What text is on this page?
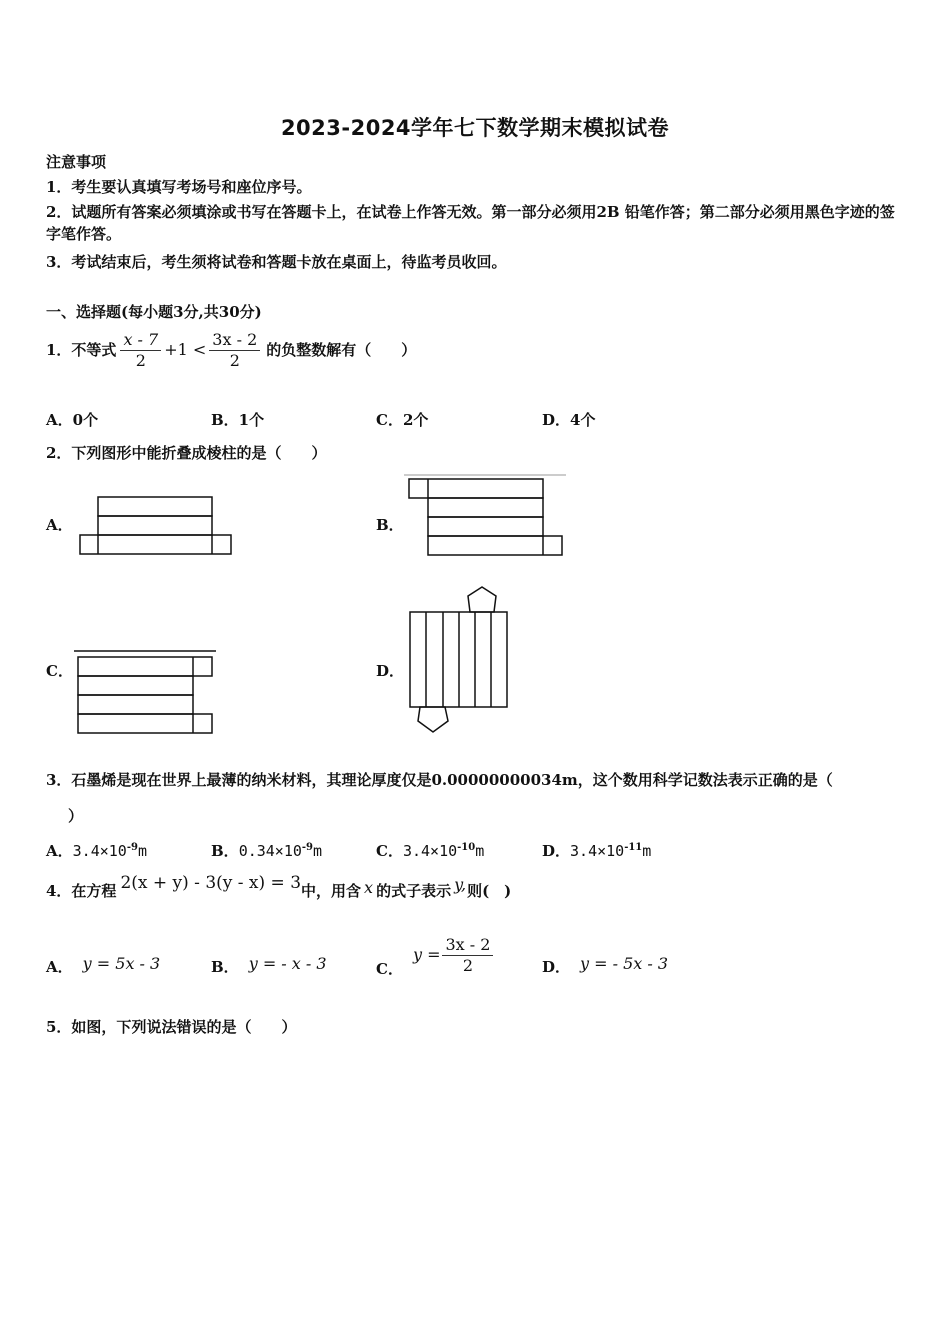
2023-2024学年七下数学期末模拟试卷
注意事项
1．考生要认真填写考场号和座位序号。
2．试题所有答案必须填涂或书写在答题卡上，在试卷上作答无效。第一部分必须用2B 铅笔作答；第二部分必须用黑色字迹的签字笔作答。
3．考试结束后，考生须将试卷和答题卡放在桌面上，待监考员收回。
一、选择题(每小题3分,共30分)
1．不等式 $\frac{x - 7}{2} +1 < \frac{3x - 2}{2}$ 的负整数解有（　　）
A．0个	B．1个	C．2个	D．4个
2．下列图形中能折叠成棱柱的是（　　）
A．	B．
C．	D．
3．石墨烯是现在世界上最薄的纳米材料，其理论厚度仅是0.00000000034m，这个数用科学记数法表示正确的是（
）
A．$3.4\times 10^{-9}m$	B．$0.34\times 10^{-9}m$	C．$3.4\times 10^{-10}m$	D．$3.4\times 10^{-11}m$
4．在方程 2(x + y) - 3(y - x) = 3 中，用含 x 的式子表示 y, 则(　)
A． y = 5x - 3	B． y = - x - 3	C．
$y = \frac{3x - 2}{2}$	D． y = - 5x - 3
5．如图，下列说法错误的是（　　）
